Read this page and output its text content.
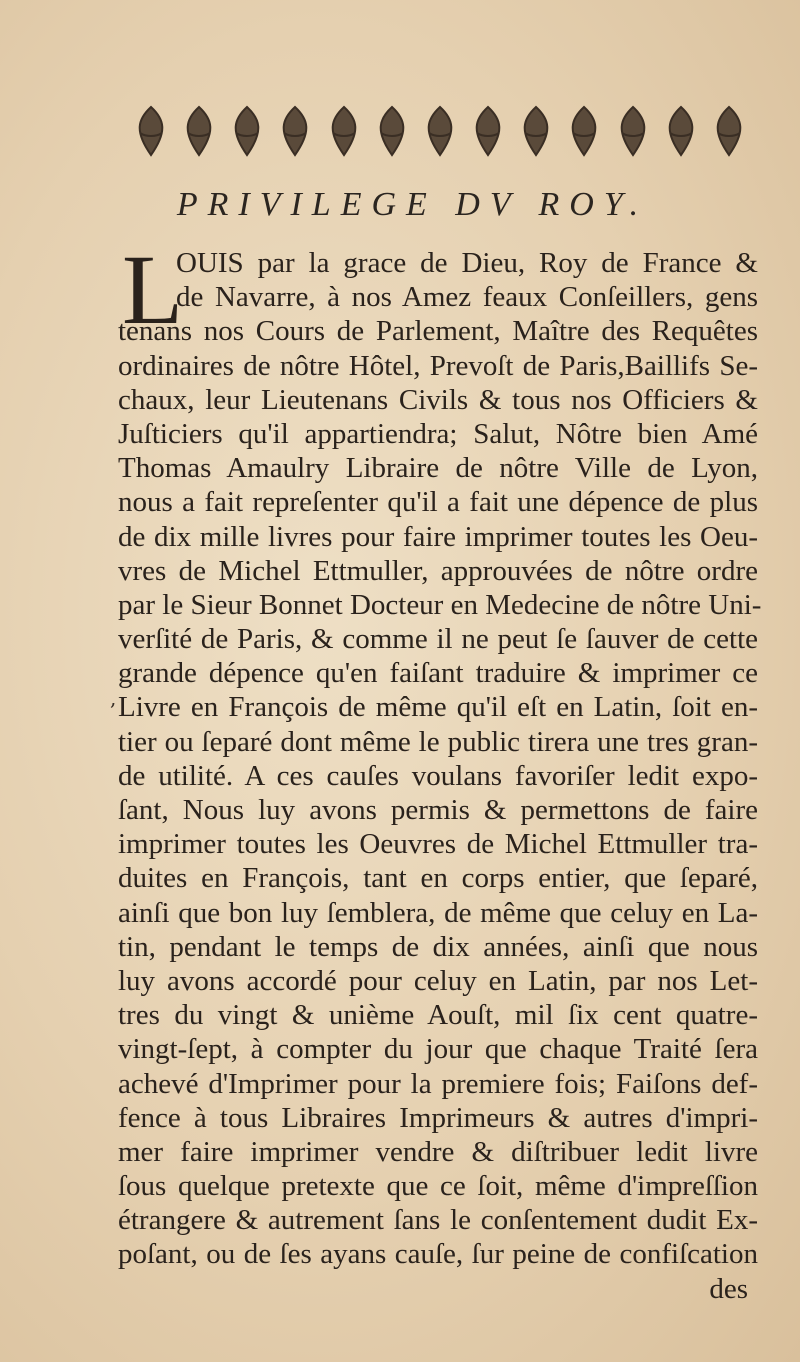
PRIVILEGE DV ROY.
L
OUIS par la grace de Dieu, Roy de France &
de Navarre, à nos Amez feaux Conſeillers, gens
tenans nos Cours de Parlement, Maître des Requêtes
ordinaires de nôtre Hôtel, Prevoſt de Paris,Baillifs Se-
chaux, leur Lieutenans Civils & tous nos Officiers &
Juſticiers qu'il appartiendra; Salut, Nôtre bien Amé
Thomas Amaulry Libraire de nôtre Ville de Lyon,
nous a fait repreſenter qu'il a fait une dépence de plus
de dix mille livres pour faire imprimer toutes les Oeu-
vres de Michel Ettmuller, approuvées de nôtre ordre
par le Sieur Bonnet Docteur en Medecine de nôtre Uni-
verſité de Paris, & comme il ne peut ſe ſauver de cette
grande dépence qu'en faiſant traduire & imprimer ce
Livre en François de même qu'il eſt en Latin, ſoit en-
tier ou ſeparé dont même le public tirera une tres gran-
de utilité. A ces cauſes voulans favoriſer ledit expo-
ſant, Nous luy avons permis & permettons de faire
imprimer toutes les Oeuvres de Michel Ettmuller tra-
duites en François, tant en corps entier, que ſeparé,
ainſi que bon luy ſemblera, de même que celuy en La-
tin, pendant le temps de dix années, ainſi que nous
luy avons accordé pour celuy en Latin, par nos Let-
tres du vingt & unième Aouſt, mil ſix cent quatre-
vingt-ſept, à compter du jour que chaque Traité ſera
achevé d'Imprimer pour la premiere fois; Faiſons def-
fence à tous Libraires Imprimeurs & autres d'impri-
mer faire imprimer vendre & diſtribuer ledit livre
ſous quelque pretexte que ce ſoit, même d'impreſſion
étrangere & autrement ſans le conſentement dudit Ex-
poſant, ou de ſes ayans cauſe, ſur peine de confiſcation
des
,
